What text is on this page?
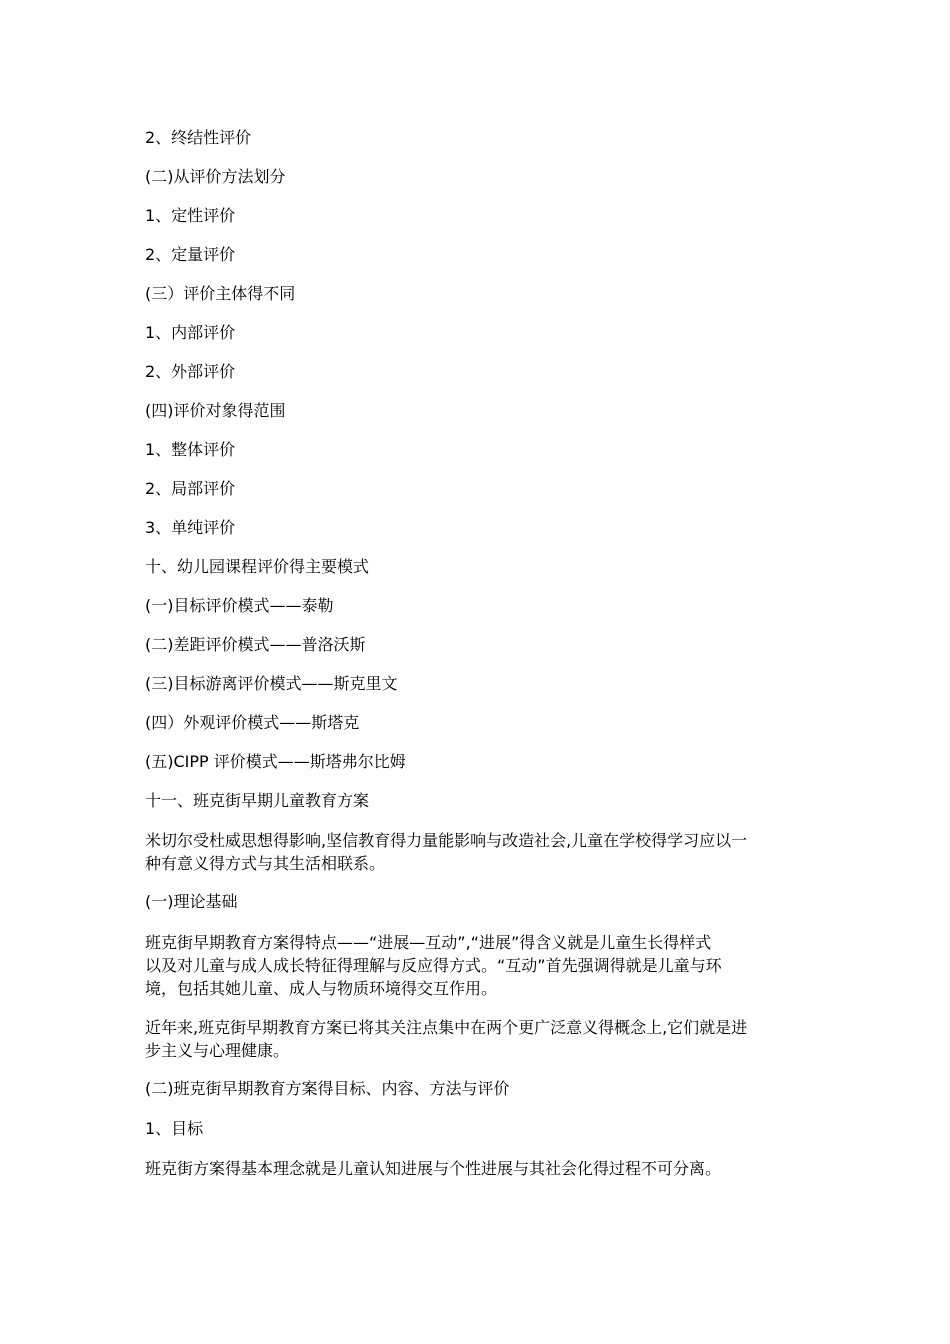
2、终结性评价
(二)从评价方法划分
1、定性评价
2、定量评价
(三）评价主体得不同
1、内部评价
2、外部评价
(四)评价对象得范围
1、整体评价
2、局部评价
3、单纯评价
十、幼儿园课程评价得主要模式
(一)目标评价模式——泰勒
(二)差距评价模式——普洛沃斯
(三)目标游离评价模式——斯克里文
(四）外观评价模式——斯塔克
(五)CIPP 评价模式——斯塔弗尔比姆
十一、班克街早期儿童教育方案
米切尔受杜威思想得影响,坚信教育得力量能影响与改造社会,儿童在学校得学习应以一
种有意义得方式与其生活相联系。
(一)理论基础
班克街早期教育方案得特点——“进展—互动”,“进展”得含义就是儿童生长得样式
以及对儿童与成人成长特征得理解与反应得方式。“互动”首先强调得就是儿童与环
境，包括其她儿童、成人与物质环境得交互作用。
近年来,班克街早期教育方案已将其关注点集中在两个更广泛意义得概念上,它们就是进
步主义与心理健康。
(二)班克街早期教育方案得目标、内容、方法与评价
1、目标
班克街方案得基本理念就是儿童认知进展与个性进展与其社会化得过程不可分离。
